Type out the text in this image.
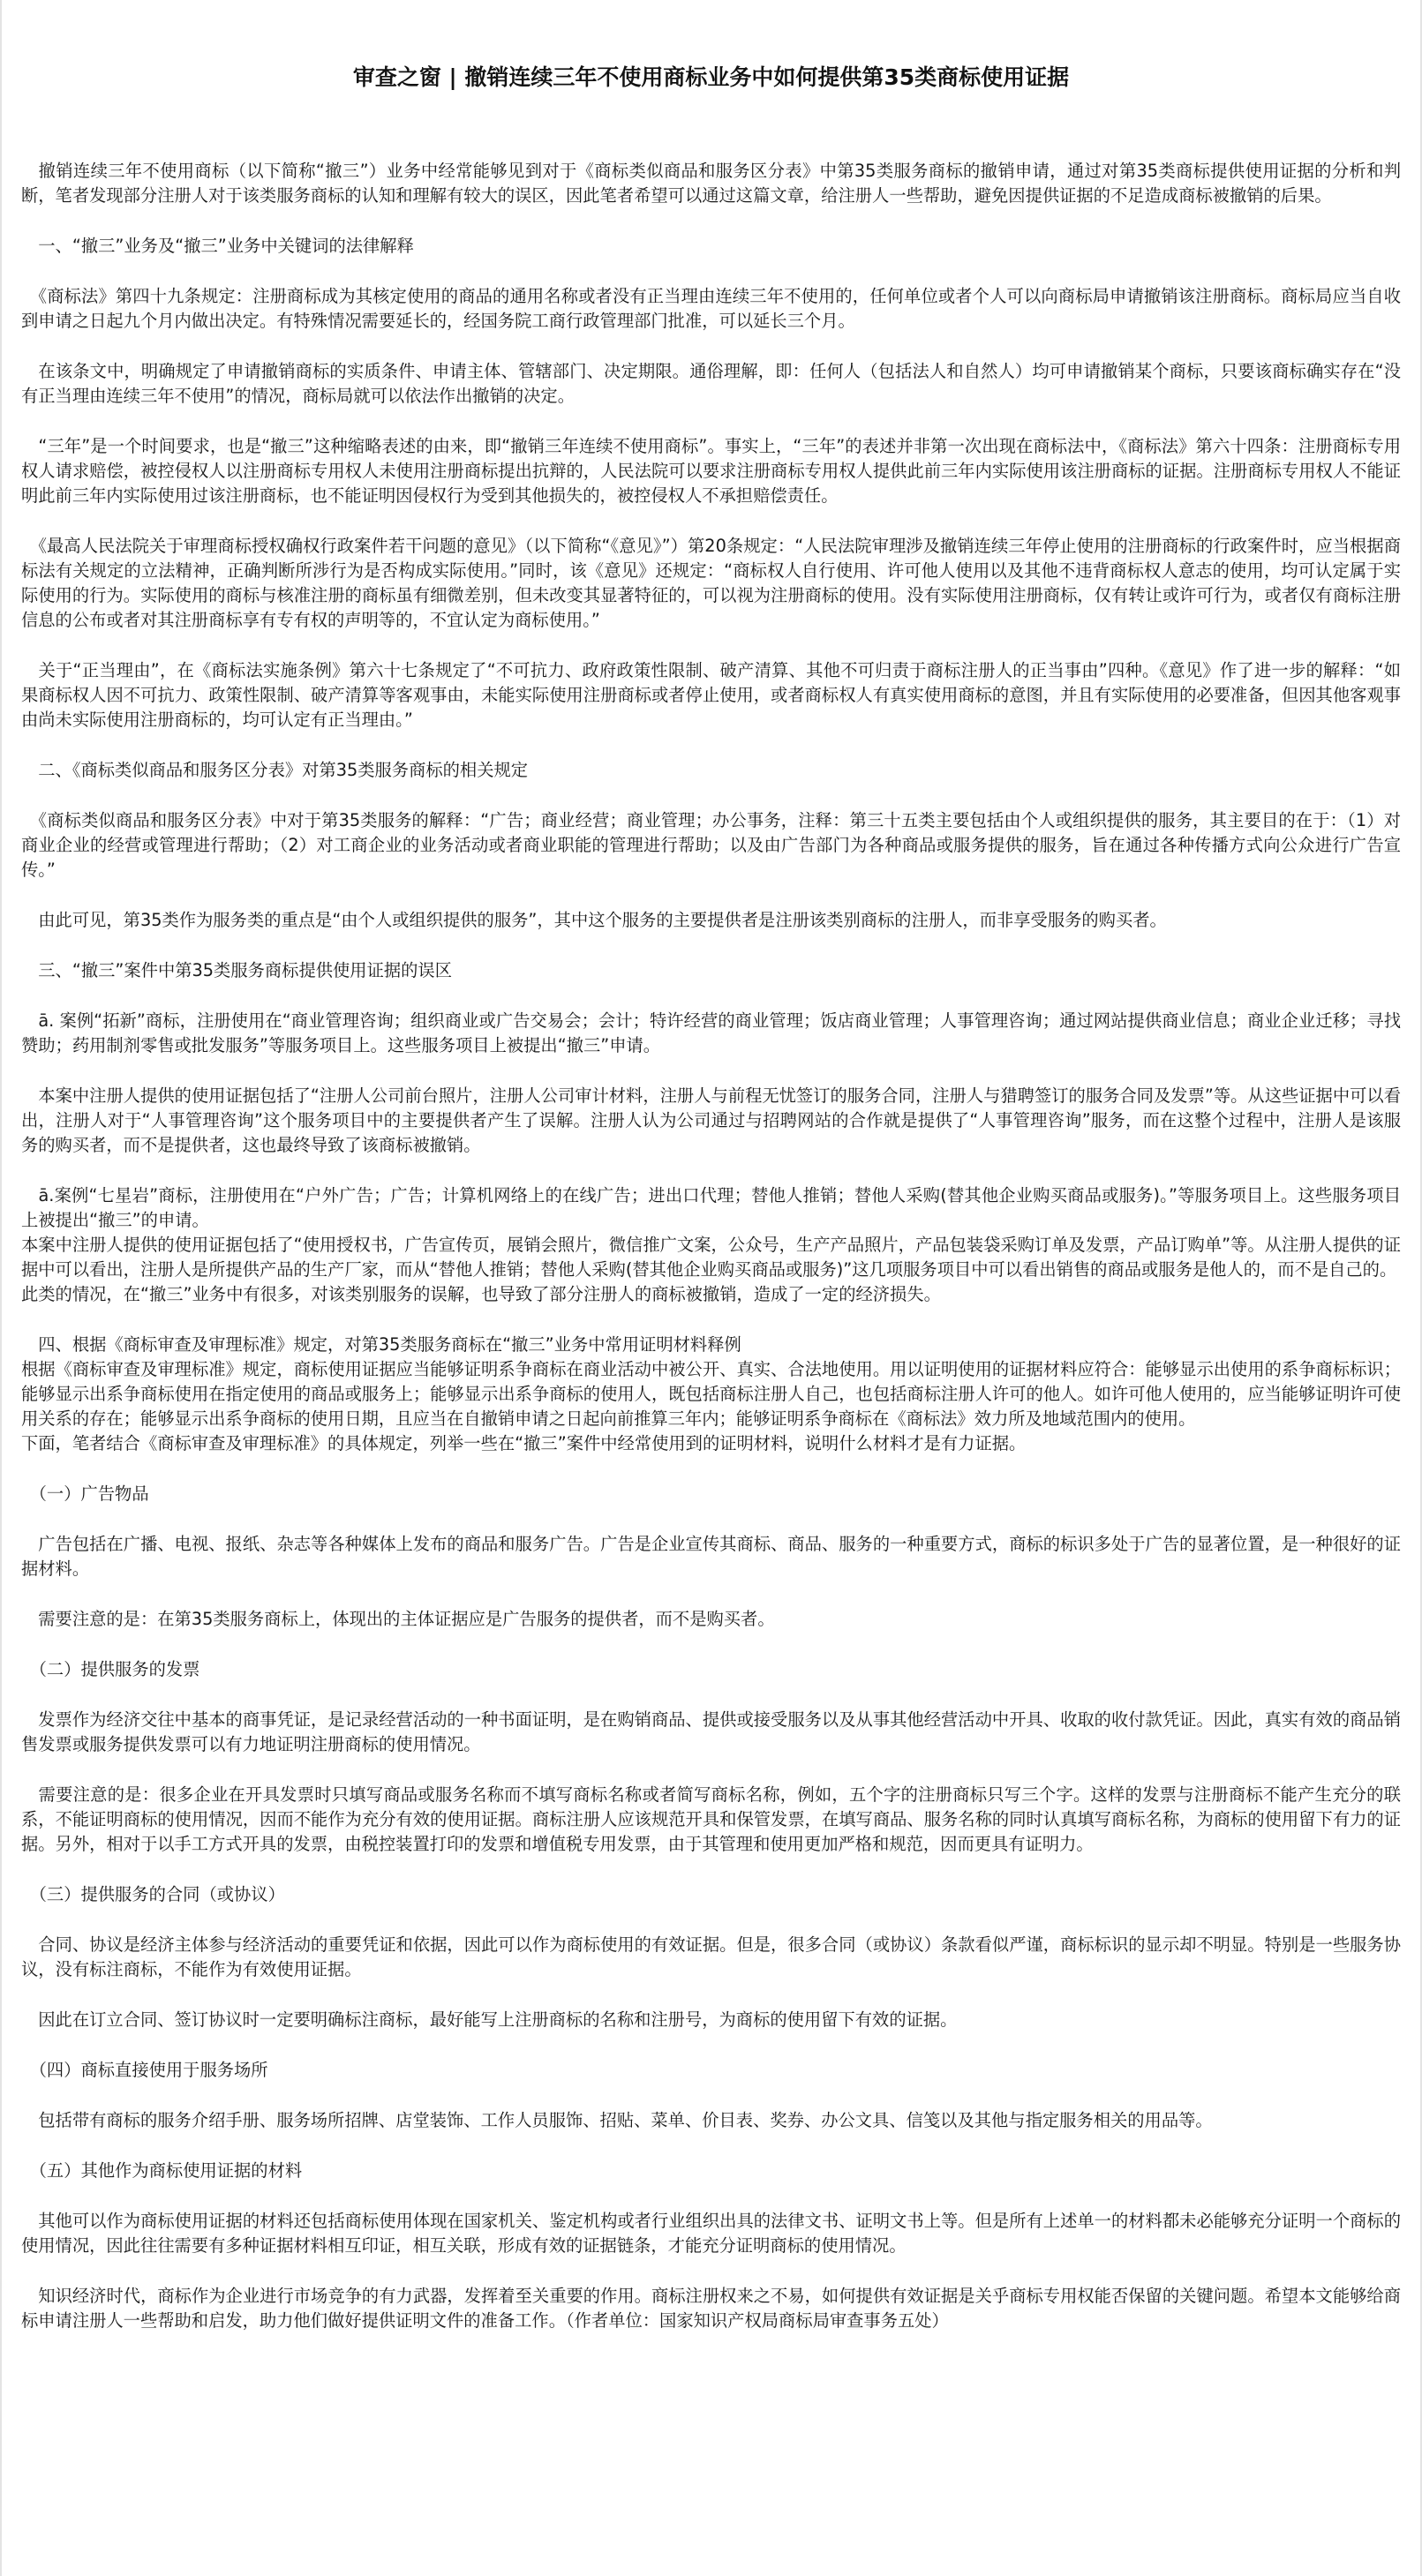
审查之窗 | 撤销连续三年不使用商标业务中如何提供第35类商标使用证据

　撤销连续三年不使用商标（以下简称“撤三”）业务中经常能够见到对于《商标类似商品和服务区分表》中第35类服务商标的撤销申请，通过对第35类商标提供使用证据的分析和判断，笔者发现部分注册人对于该类服务商标的认知和理解有较大的误区，因此笔者希望可以通过这篇文章，给注册人一些帮助，避免因提供证据的不足造成商标被撤销的后果。

　一、“撤三”业务及“撤三”业务中关键词的法律解释

　《商标法》第四十九条规定：注册商标成为其核定使用的商品的通用名称或者没有正当理由连续三年不使用的，任何单位或者个人可以向商标局申请撤销该注册商标。商标局应当自收到申请之日起九个月内做出决定。有特殊情况需要延长的，经国务院工商行政管理部门批准，可以延长三个月。

　在该条文中，明确规定了申请撤销商标的实质条件、申请主体、管辖部门、决定期限。通俗理解，即：任何人（包括法人和自然人）均可申请撤销某个商标，只要该商标确实存在“没有正当理由连续三年不使用”的情况，商标局就可以依法作出撤销的决定。

　“三年”是一个时间要求，也是“撤三”这种缩略表述的由来，即“撤销三年连续不使用商标”。事实上，“三年”的表述并非第一次出现在商标法中，《商标法》第六十四条：注册商标专用权人请求赔偿，被控侵权人以注册商标专用权人未使用注册商标提出抗辩的，人民法院可以要求注册商标专用权人提供此前三年内实际使用该注册商标的证据。注册商标专用权人不能证明此前三年内实际使用过该注册商标，也不能证明因侵权行为受到其他损失的，被控侵权人不承担赔偿责任。

　《最高人民法院关于审理商标授权确权行政案件若干问题的意见》（以下简称“《意见》”）第20条规定：“人民法院审理涉及撤销连续三年停止使用的注册商标的行政案件时，应当根据商标法有关规定的立法精神，正确判断所涉行为是否构成实际使用。”同时，该《意见》还规定：“商标权人自行使用、许可他人使用以及其他不违背商标权人意志的使用，均可认定属于实际使用的行为。实际使用的商标与核准注册的商标虽有细微差别，但未改变其显著特征的，可以视为注册商标的使用。没有实际使用注册商标，仅有转让或许可行为，或者仅有商标注册信息的公布或者对其注册商标享有专有权的声明等的，不宜认定为商标使用。”

　关于“正当理由”，在《商标法实施条例》第六十七条规定了“不可抗力、政府政策性限制、破产清算、其他不可归责于商标注册人的正当事由”四种。《意见》作了进一步的解释：“如果商标权人因不可抗力、政策性限制、破产清算等客观事由，未能实际使用注册商标或者停止使用，或者商标权人有真实使用商标的意图，并且有实际使用的必要准备，但因其他客观事由尚未实际使用注册商标的，均可认定有正当理由。”

　二、《商标类似商品和服务区分表》对第35类服务商标的相关规定

　《商标类似商品和服务区分表》中对于第35类服务的解释：“广告；商业经营；商业管理；办公事务，注释：第三十五类主要包括由个人或组织提供的服务，其主要目的在于：（1）对商业企业的经营或管理进行帮助；（2）对工商企业的业务活动或者商业职能的管理进行帮助；以及由广告部门为各种商品或服务提供的服务，旨在通过各种传播方式向公众进行广告宣传。”

　由此可见，第35类作为服务类的重点是“由个人或组织提供的服务”，其中这个服务的主要提供者是注册该类别商标的注册人，而非享受服务的购买者。

　三、“撤三”案件中第35类服务商标提供使用证据的误区

　ā. 案例“拓新”商标，注册使用在“商业管理咨询；组织商业或广告交易会；会计；特许经营的商业管理；饭店商业管理；人事管理咨询；通过网站提供商业信息；商业企业迁移；寻找赞助；药用制剂零售或批发服务”等服务项目上。这些服务项目上被提出“撤三”申请。

　本案中注册人提供的使用证据包括了“注册人公司前台照片，注册人公司审计材料，注册人与前程无忧签订的服务合同，注册人与猎聘签订的服务合同及发票”等。从这些证据中可以看出，注册人对于“人事管理咨询”这个服务项目中的主要提供者产生了误解。注册人认为公司通过与招聘网站的合作就是提供了“人事管理咨询”服务，而在这整个过程中，注册人是该服务的购买者，而不是提供者，这也最终导致了该商标被撤销。

　ā.案例“七星岩”商标，注册使用在“户外广告；广告；计算机网络上的在线广告；进出口代理；替他人推销；替他人采购(替其他企业购买商品或服务)。”等服务项目上。这些服务项目上被提出“撤三”的申请。
本案中注册人提供的使用证据包括了“使用授权书，广告宣传页，展销会照片，微信推广文案，公众号，生产产品照片，产品包装袋采购订单及发票，产品订购单”等。从注册人提供的证据中可以看出，注册人是所提供产品的生产厂家，而从“替他人推销；替他人采购(替其他企业购买商品或服务)”这几项服务项目中可以看出销售的商品或服务是他人的，而不是自己的。
此类的情况，在“撤三”业务中有很多，对该类别服务的误解，也导致了部分注册人的商标被撤销，造成了一定的经济损失。

　四、根据《商标审查及审理标准》规定，对第35类服务商标在“撤三”业务中常用证明材料释例
根据《商标审查及审理标准》规定，商标使用证据应当能够证明系争商标在商业活动中被公开、真实、合法地使用。用以证明使用的证据材料应符合：能够显示出使用的系争商标标识；能够显示出系争商标使用在指定使用的商品或服务上；能够显示出系争商标的使用人，既包括商标注册人自己，也包括商标注册人许可的他人。如许可他人使用的，应当能够证明许可使用关系的存在；能够显示出系争商标的使用日期，且应当在自撤销申请之日起向前推算三年内；能够证明系争商标在《商标法》效力所及地域范围内的使用。
下面，笔者结合《商标审查及审理标准》的具体规定，列举一些在“撤三”案件中经常使用到的证明材料，说明什么材料才是有力证据。

　（一）广告物品

　广告包括在广播、电视、报纸、杂志等各种媒体上发布的商品和服务广告。广告是企业宣传其商标、商品、服务的一种重要方式，商标的标识多处于广告的显著位置，是一种很好的证据材料。

　需要注意的是：在第35类服务商标上，体现出的主体证据应是广告服务的提供者，而不是购买者。

　（二）提供服务的发票

　发票作为经济交往中基本的商事凭证，是记录经营活动的一种书面证明，是在购销商品、提供或接受服务以及从事其他经营活动中开具、收取的收付款凭证。因此，真实有效的商品销售发票或服务提供发票可以有力地证明注册商标的使用情况。

　需要注意的是：很多企业在开具发票时只填写商品或服务名称而不填写商标名称或者简写商标名称，例如，五个字的注册商标只写三个字。这样的发票与注册商标不能产生充分的联系，不能证明商标的使用情况，因而不能作为充分有效的使用证据。商标注册人应该规范开具和保管发票，在填写商品、服务名称的同时认真填写商标名称，为商标的使用留下有力的证据。另外，相对于以手工方式开具的发票，由税控装置打印的发票和增值税专用发票，由于其管理和使用更加严格和规范，因而更具有证明力。

　（三）提供服务的合同（或协议）

　合同、协议是经济主体参与经济活动的重要凭证和依据，因此可以作为商标使用的有效证据。但是，很多合同（或协议）条款看似严谨，商标标识的显示却不明显。特别是一些服务协议，没有标注商标，不能作为有效使用证据。

　因此在订立合同、签订协议时一定要明确标注商标，最好能写上注册商标的名称和注册号，为商标的使用留下有效的证据。

　（四）商标直接使用于服务场所

　包括带有商标的服务介绍手册、服务场所招牌、店堂装饰、工作人员服饰、招贴、菜单、价目表、奖券、办公文具、信笺以及其他与指定服务相关的用品等。

　（五）其他作为商标使用证据的材料

　其他可以作为商标使用证据的材料还包括商标使用体现在国家机关、鉴定机构或者行业组织出具的法律文书、证明文书上等。但是所有上述单一的材料都未必能够充分证明一个商标的使用情况，因此往往需要有多种证据材料相互印证，相互关联，形成有效的证据链条，才能充分证明商标的使用情况。

　知识经济时代，商标作为企业进行市场竞争的有力武器，发挥着至关重要的作用。商标注册权来之不易，如何提供有效证据是关乎商标专用权能否保留的关键问题。希望本文能够给商标申请注册人一些帮助和启发，助力他们做好提供证明文件的准备工作。（作者单位：国家知识产权局商标局审查事务五处）
